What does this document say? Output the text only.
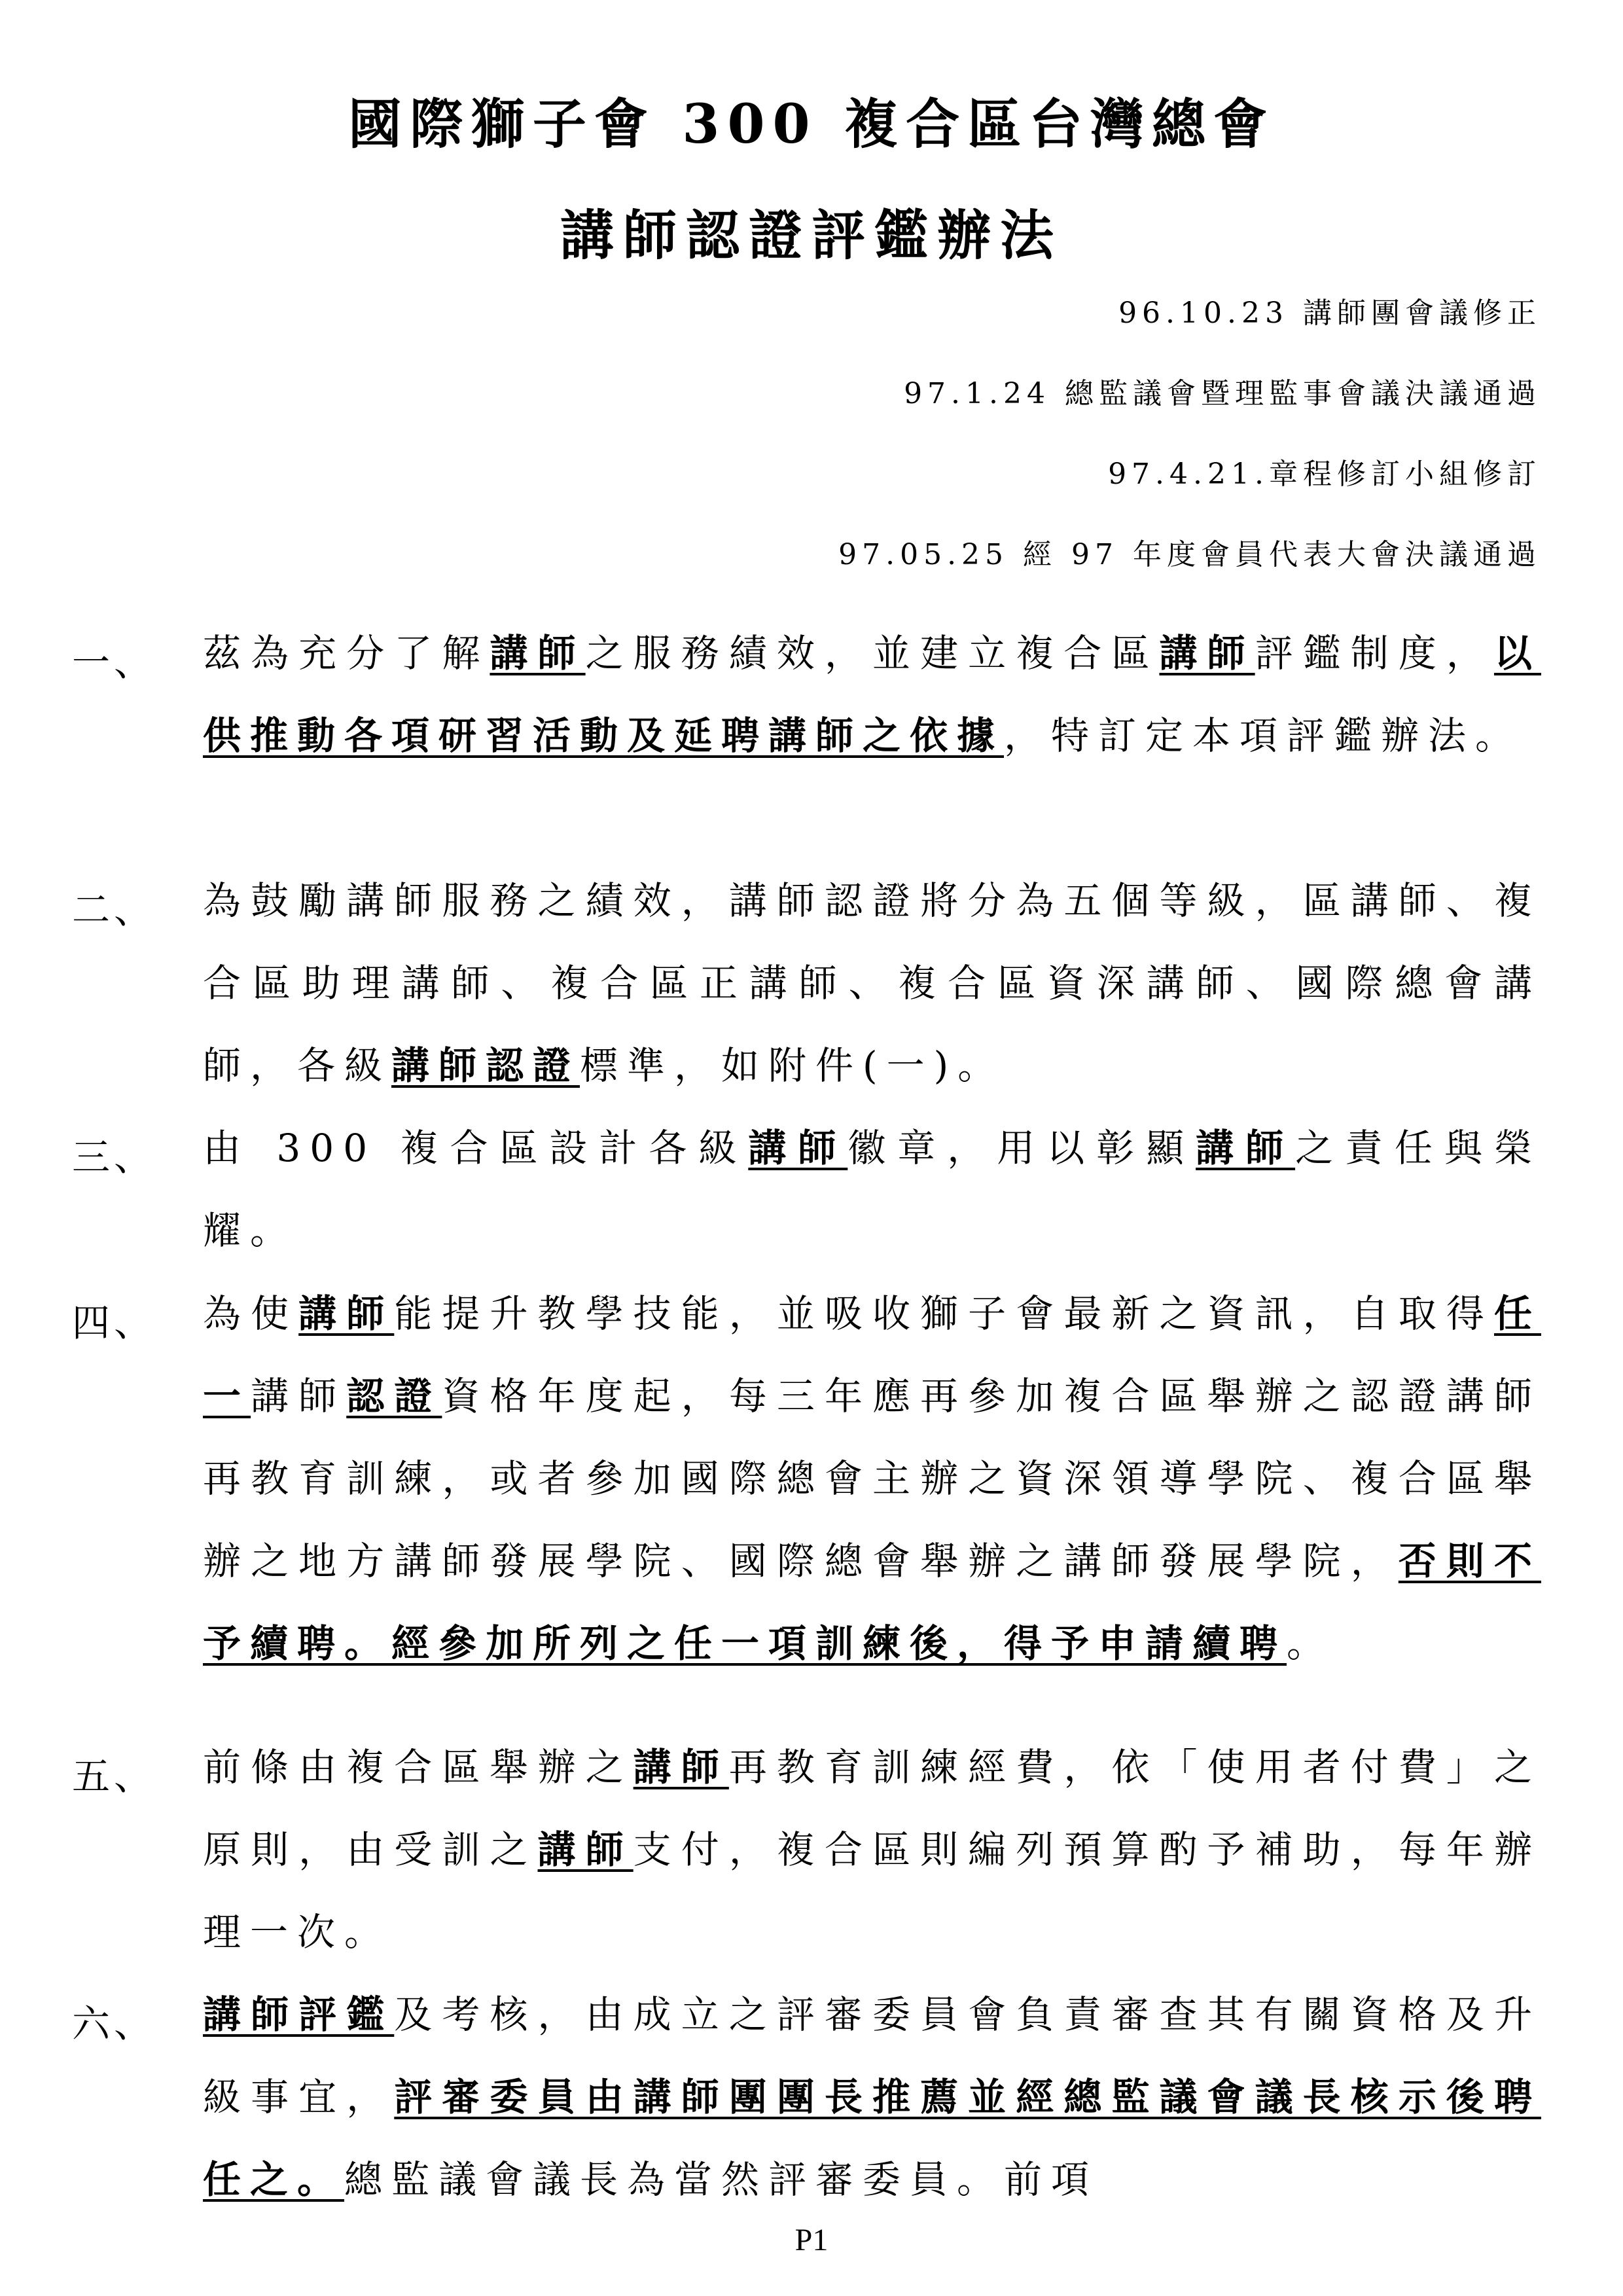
國際獅子會 300 複合區台灣總會
講師認證評鑑辦法
96.10.23 講師團會議修正
97.1.24 總監議會暨理監事會議決議通過
97.4.21.章程修訂小組修訂
97.05.25 經 97 年度會員代表大會決議通過
一、 茲為充分了解講師之服務績效，並建立複合區講師評鑑制度，以供推動各項研習活動及延聘講師之依據，特訂定本項評鑑辦法。
二、 為鼓勵講師服務之績效，講師認證將分為五個等級，區講師、複合區助理講師、複合區正講師、複合區資深講師、國際總會講師，各級講師認證標準，如附件(一)。
三、 由 300 複合區設計各級講師徽章，用以彰顯講師之責任與榮耀。
四、 為使講師能提升教學技能，並吸收獅子會最新之資訊，自取得任一講師認證資格年度起，每三年應再參加複合區舉辦之認證講師再教育訓練，或者參加國際總會主辦之資深領導學院、複合區舉辦之地方講師發展學院、國際總會舉辦之講師發展學院，否則不予續聘。經參加所列之任一項訓練後，得予申請續聘。
五、 前條由複合區舉辦之講師再教育訓練經費，依「使用者付費」之原則，由受訓之講師支付，複合區則編列預算酌予補助，每年辦理一次。
六、 講師評鑑及考核，由成立之評審委員會負責審查其有關資格及升級事宜，評審委員由講師團團長推薦並經總監議會議長核示後聘任之。總監議會議長為當然評審委員。前項
P1
